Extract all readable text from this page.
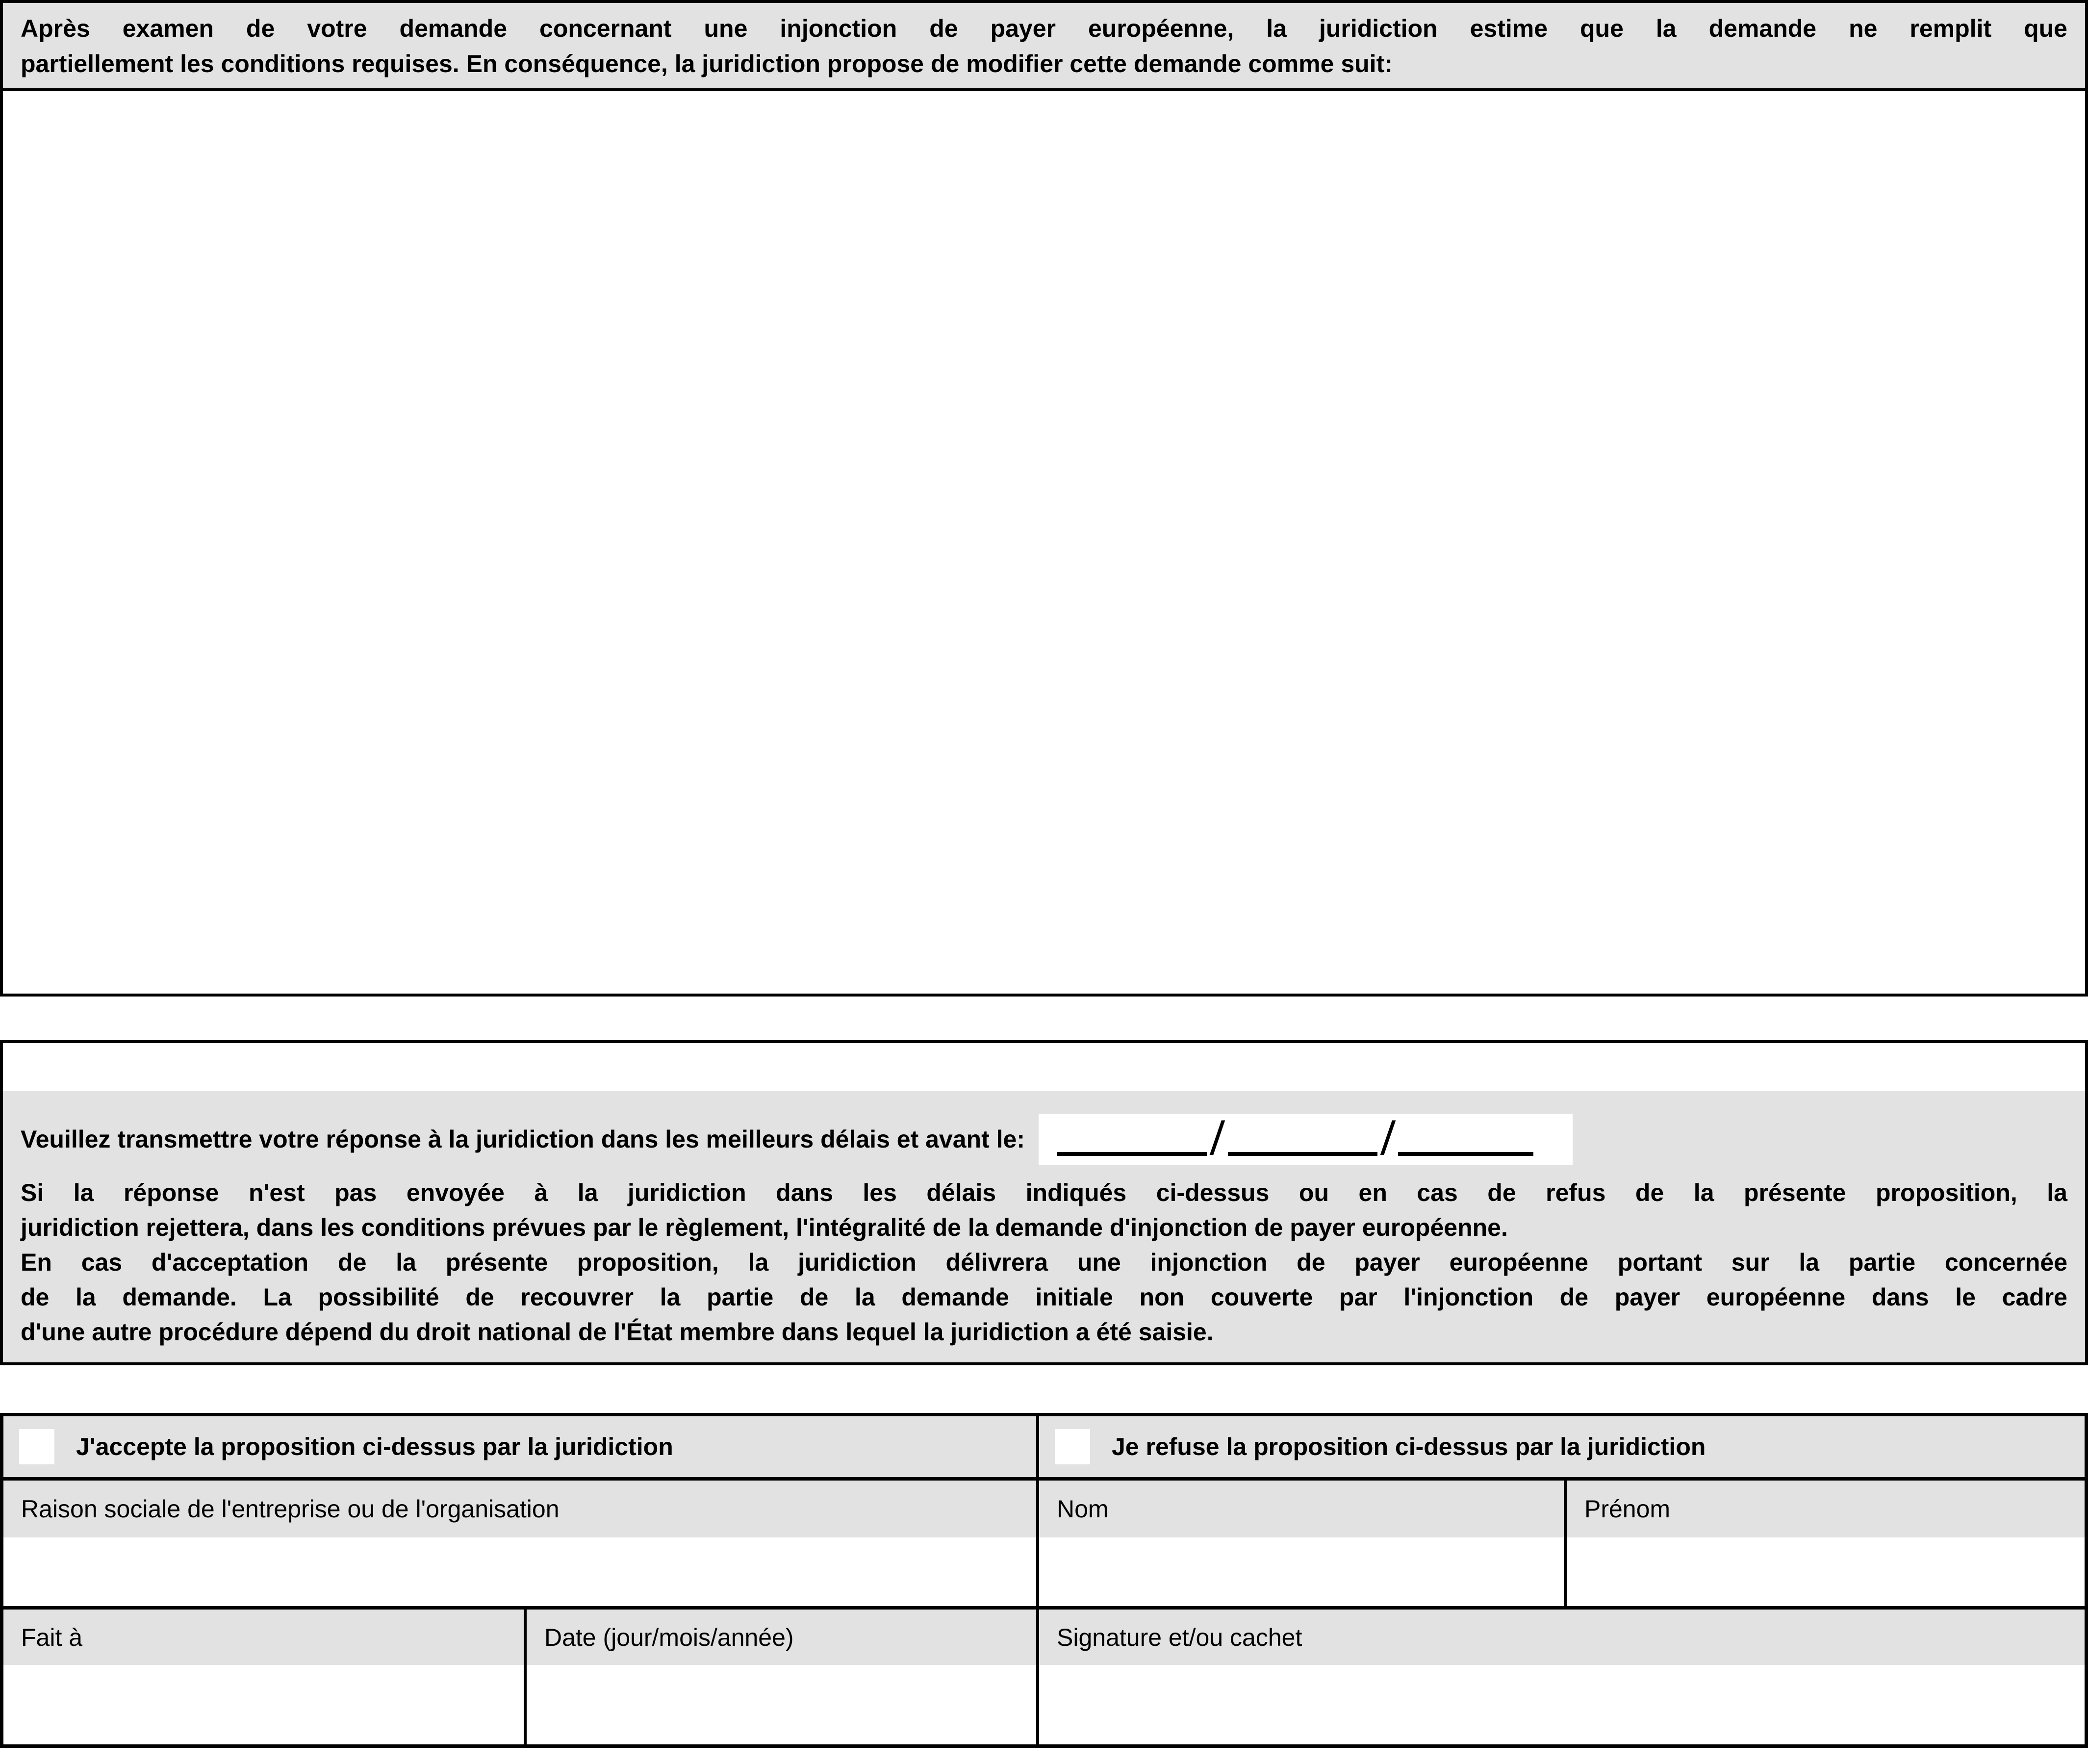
Après examen de votre demande concernant une injonction de payer européenne, la juridiction estime que la demande ne remplit que
partiellement les conditions requises. En conséquence, la juridiction propose de modifier cette demande comme suit:
Veuillez transmettre votre réponse à la juridiction dans les meilleurs délais et avant le:	/	/
Si la réponse n'est pas envoyée à la juridiction dans les délais indiqués ci-dessus ou en cas de refus de la présente proposition, la
juridiction rejettera, dans les conditions prévues par le règlement, l'intégralité de la demande d'injonction de payer européenne.
En cas d'acceptation de la présente proposition, la juridiction délivrera une injonction de payer européenne portant sur la partie concernée
de la demande. La possibilité de recouvrer la partie de la demande initiale non couverte par l'injonction de payer européenne dans le cadre
d'une autre procédure dépend du droit national de l'État membre dans lequel la juridiction a été saisie.
J'accepte la proposition ci-dessus par la juridiction	Je refuse la proposition ci-dessus par la juridiction
Raison sociale de l'entreprise ou de l'organisation	Nom	Prénom
Fait à	Date (jour/mois/année)	Signature et/ou cachet
